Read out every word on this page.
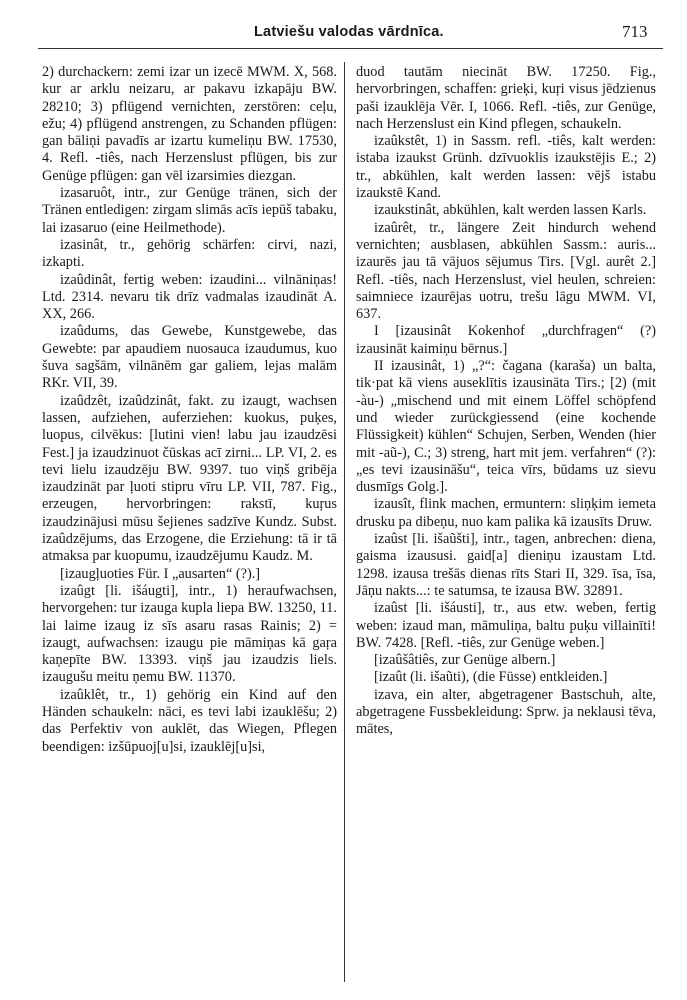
Latviešu valodas vārdnīca.	713

2) durchackern: zemi izar un izecē MWM. X, 568. kur ar arklu neizaru, ar pakavu izkapāju BW. 28210; 3) pflügend vernichten, zerstören: ceļu, ežu; 4) pflügend anstrengen, zu Schanden pflügen: gan bāliņi pavadīs ar izartu kumeliņu BW. 17530, 4. Refl. -tiês, nach Herzenslust pflügen, bis zur Genüge pflügen: gan vēl izarsimies diezgan.

izasaruôt, intr., zur Genüge tränen, sich der Tränen entledigen: zirgam slimās acīs iepūš tabaku, lai izasaruo (eine Heilmethode).

izasinât, tr., gehörig schärfen: cirvi, nazi, izkapti.

izaûdinât, fertig weben: izaudini... vilnāniņas! Ltd. 2314. nevaru tik drīz vadmalas izaudināt A. XX, 266.

izaûdums, das Gewebe, Kunstgewebe, das Gewebte: par apaudiem nuosauca izaudumus, kuo šuva sagšām, vilnānēm gar galiem, lejas malām RKr. VII, 39.

izaûdzêt, izaûdzinât, fakt. zu izaugt, wachsen lassen, aufziehen, auferziehen: kuokus, puķes, luopus, cilvēkus: [lutini vien! labu jau izaudzēsi Fest.] ja izaudzinuot čūskas acī zirni... LP. VI, 2. es tevi lielu izaudzēju BW. 9397. tuo viņš gribēja izaudzināt par ļuoti stipru vīru LP. VII, 787. Fig., erzeugen, hervorbringen: rakstī, kuŗus izaudzinājusi mūsu šejienes sadzīve Kundz. Subst. izaûdzējums, das Erzogene, die Erziehung: tā ir tā atmaksa par kuopumu, izaudzējumu Kaudz. M.

[izaugļuoties Für. I „ausarten“ (?).]

izaûgt [li. išáugti], intr., 1) heraufwachsen, hervorgehen: tur izauga kupla liepa BW. 13250, 11. lai laime izaug iz sīs asaru rasas Rainis; 2) = izaugt, aufwachsen: izaugu pie māmiņas kā gaŗa kaņepīte BW. 13393. viņš jau izaudzis liels. izaugušu meitu ņemu BW. 11370.

izaûklêt, tr., 1) gehörig ein Kind auf den Händen schaukeln: nāci, es tevi labi izauklēšu; 2) das Perfektiv von auklēt, das Wiegen, Pflegen beendigen: izšūpuoj[u]si, izauklēj[u]si,

duod tautām niecināt BW. 17250. Fig., hervorbringen, schaffen: grieķi, kuŗi visus jēdzienus paši izauklēja Vēr. I, 1066. Refl. -tiês, zur Genüge, nach Herzenslust ein Kind pflegen, schaukeln.

izaûkstêt, 1) in Sassm. refl. -tiês, kalt werden: istaba izaukst Grünh. dzīvuoklis izaukstējis E.; 2) tr., abkühlen, kalt werden lassen: vējš istabu izaukstē Kand.

izaukstinât, abkühlen, kalt werden lassen Karls.

izaûrêt, tr., längere Zeit hindurch wehend vernichten; ausblasen, abkühlen Sassm.: auris... izaurēs jau tā vājuos sējumus Tirs. [Vgl. aurêt 2.] Refl. -tiês, nach Herzenslust, viel heulen, schreien: saimniece izaurējas uotru, trešu lāgu MWM. VI, 637.

I [izausinât Kokenhof „durchfragen“ (?) izausināt kaimiņu bērnus.]

II izausinât, 1) „?“: čagana (karaša) un balta, tik·pat kā viens auseklītis izausināta Tirs.; [2) (mit -àu-) „mischend und mit einem Löffel schöpfend und wieder zurückgiessend (eine kochende Flüssigkeit) kühlen“ Schujen, Serben, Wenden (hier mit -aũ-), C.; 3) streng, hart mit jem. verfahren“ (?): „es tevi izausināšu“, teica vīrs, būdams uz sievu dusmīgs Golg.].

izausît, flink machen, ermuntern: sliņķim iemeta drusku pa dibeņu, nuo kam palika kā izausīts Druw.

izaûst [li. išaũšti], intr., tagen, anbrechen: diena, gaisma izaususi. gaid[a] dieniņu izaustam Ltd. 1298. izausa trešās dienas rīts Stari II, 329. īsa, īsa, Jāņu nakts...: te satumsa, te izausa BW. 32891.

izaûst [li. išáusti], tr., aus etw. weben, fertig weben: izaud man, māmuliņa, baltu puķu villainīti! BW. 7428. [Refl. -tiês, zur Genüge weben.]

[izaûšâtiês, zur Genüge albern.]

[izaût (li. išaũti), (die Füsse) entkleiden.]

izava, ein alter, abgetragener Bastschuh, alte, abgetragene Fussbekleidung: Sprw. ja neklausi tēva, mātes,
